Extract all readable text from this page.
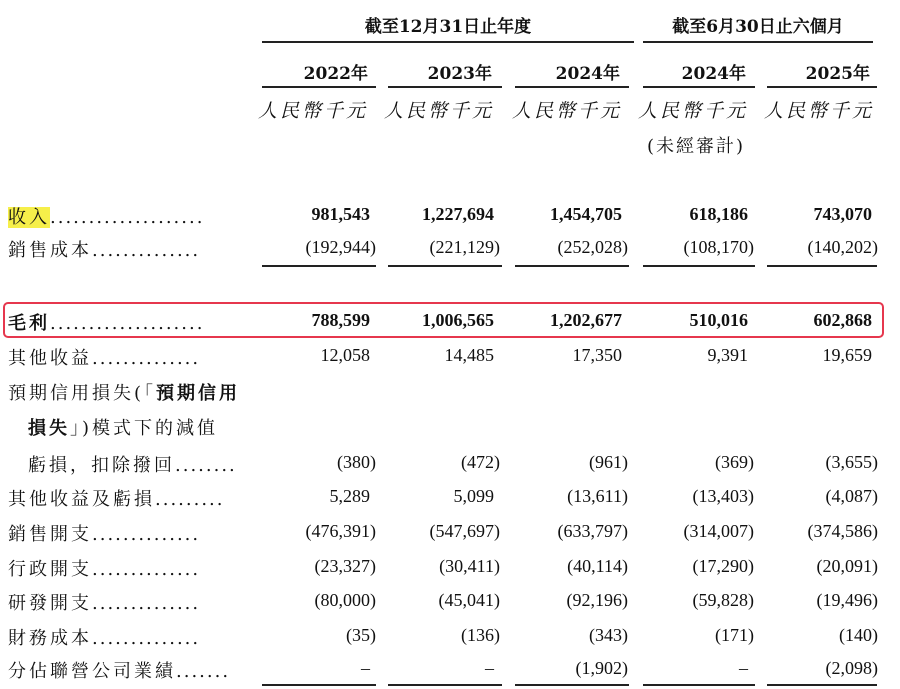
截至12月31日止年度	截至6月30日止六個月
2022年	2023年	2024年	2024年	2025年
人民幣千元 人民幣千元 人民幣千元 人民幣千元 人民幣千元
(未經審計)
收入....................	981,543	1,227,694	1,454,705	618,186	743,070
銷售成本..............	(192,944)	(221,129)	(252,028)	(108,170)	(140,202)
毛利....................	788,599	1,006,565	1,202,677	510,016	602,868
其他收益..............	12,058	14,485	17,350	9,391	19,659
預期信用損失(「預期信用
損失」)模式下的減值
虧損，扣除撥回........	(380)	(472)	(961)	(369)	(3,655)
其他收益及虧損.........	5,289	5,099	(13,611)	(13,403)	(4,087)
銷售開支..............	(476,391)	(547,697)	(633,797)	(314,007)	(374,586)
行政開支..............	(23,327)	(30,411)	(40,114)	(17,290)	(20,091)
研發開支..............	(80,000)	(45,041)	(92,196)	(59,828)	(19,496)
財務成本..............	(35)	(136)	(343)	(171)	(140)
分佔聯營公司業績.......	–	–	(1,902)	–	(2,098)
